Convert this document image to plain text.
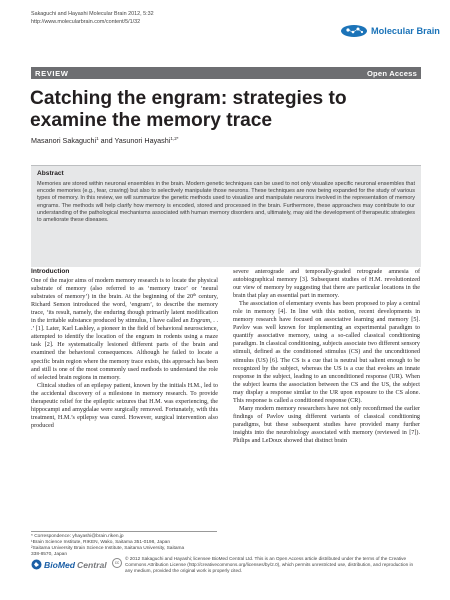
Sakaguchi and Hayashi Molecular Brain 2012, 5:32
http://www.molecularbrain.com/content/5/1/32
Molecular Brain
REVIEW	Open Access
Catching the engram: strategies to examine the memory trace
Masanori Sakaguchi$^1$ and Yasunori Hayashi$^{1,2*}$
Abstract

Memories are stored within neuronal ensembles in the brain. Modern genetic techniques can be used to not only visualize specific neuronal ensembles that encode memories (e.g., fear, craving) but also to selectively manipulate those neurons. These techniques are now being expanded for the study of various types of memory. In this review, we will summarize the genetic methods used to visualize and manipulate neurons involved in the representation of memory engrams. The methods will help clarify how memory is encoded, stored and processed in the brain. Furthermore, these approaches may contribute to our understanding of the pathological mechanisms associated with human memory disorders and, ultimately, may aid the development of therapeutic strategies to ameliorate these diseases.

Introduction

One of the major aims of modern memory research is to locate the physical substrate of memory (also referred to as ‘memory trace’ or ‘neural substrates of memory’) in the brain. At the beginning of the 20th century, Richard Semon introduced the word, ‘engram’, to describe the memory trace, ‘its result, namely, the enduring though primarily latent modification in the irritable substance produced by stimulus, I have called an Engram, . . .’ [1]. Later, Karl Lashley, a pioneer in the field of behavioral neuroscience, attempted to identify the location of the engram in rodents using a maze task [2]. He systematically lesioned different parts of the brain and examined the behavioral consequences. Although he failed to locate a specific brain region where the memory trace exists, this approach has been and still is one of the most commonly used methods to understand the role of selected brain regions in memory.

Clinical studies of an epilepsy patient, known by the initials H.M., led to the accidental discovery of a milestone in memory research. To provide therapeutic relief for the epileptic seizures that H.M. was experiencing, the hippocampi and amygdalae were surgically removed. Fortunately, with this treatment, H.M.’s epilepsy was cured. However, surgical intervention also produced

severe anterograde and temporally-graded retrograde amnesia of autobiographical memory [3]. Subsequent studies of H.M. revolutionized our view of memory by suggesting that there are particular locations in the brain that play an essential part in memory.

The association of elementary events has been proposed to play a central role in memory [4]. In line with this notion, recent developments in memory research have focused on associative learning and memory [5]. Pavlov was well known for implementing an experimental paradigm to quantify associative memory, using a so-called classical conditioning paradigm. In classical conditioning, subjects associate two different sensory stimuli, defined as the conditioned stimulus (CS) and the unconditioned stimulus (US) [6]. The CS is a cue that is neutral but salient enough to be recognized by the subject, whereas the US is a cue that evokes an innate response in the subject, leading to an unconditioned response (UR). When the subject learns the association between the CS and the US, the subject may display a response similar to the UR upon exposure to the CS alone. This response is called a conditioned response (CR).

Many modern memory researchers have not only reconfirmed the earlier findings of Pavlov using different variants of classical conditioning paradigms, but these subsequent studies have provided many further insights into the neurobiology associated with memory (reviewed in [7]). Philips and LeDoux showed that distinct brain

* Correspondence: yhayashi@brain.riken.jp

¹Brain Science Institute, RIKEN, Wako, Saitama 351-0198, Japan

²Saitama University Brain Science Institute, Saitama University, Saitama

338-8570, Japan

BioMed Central	cc
© 2012 Sakaguchi and Hayashi; licensee BioMed Central Ltd. This is an Open Access article distributed under the terms of the Creative Commons Attribution License (http://creativecommons.org/licenses/by/2.0), which permits unrestricted use, distribution, and reproduction in any medium, provided the original work is properly cited.
